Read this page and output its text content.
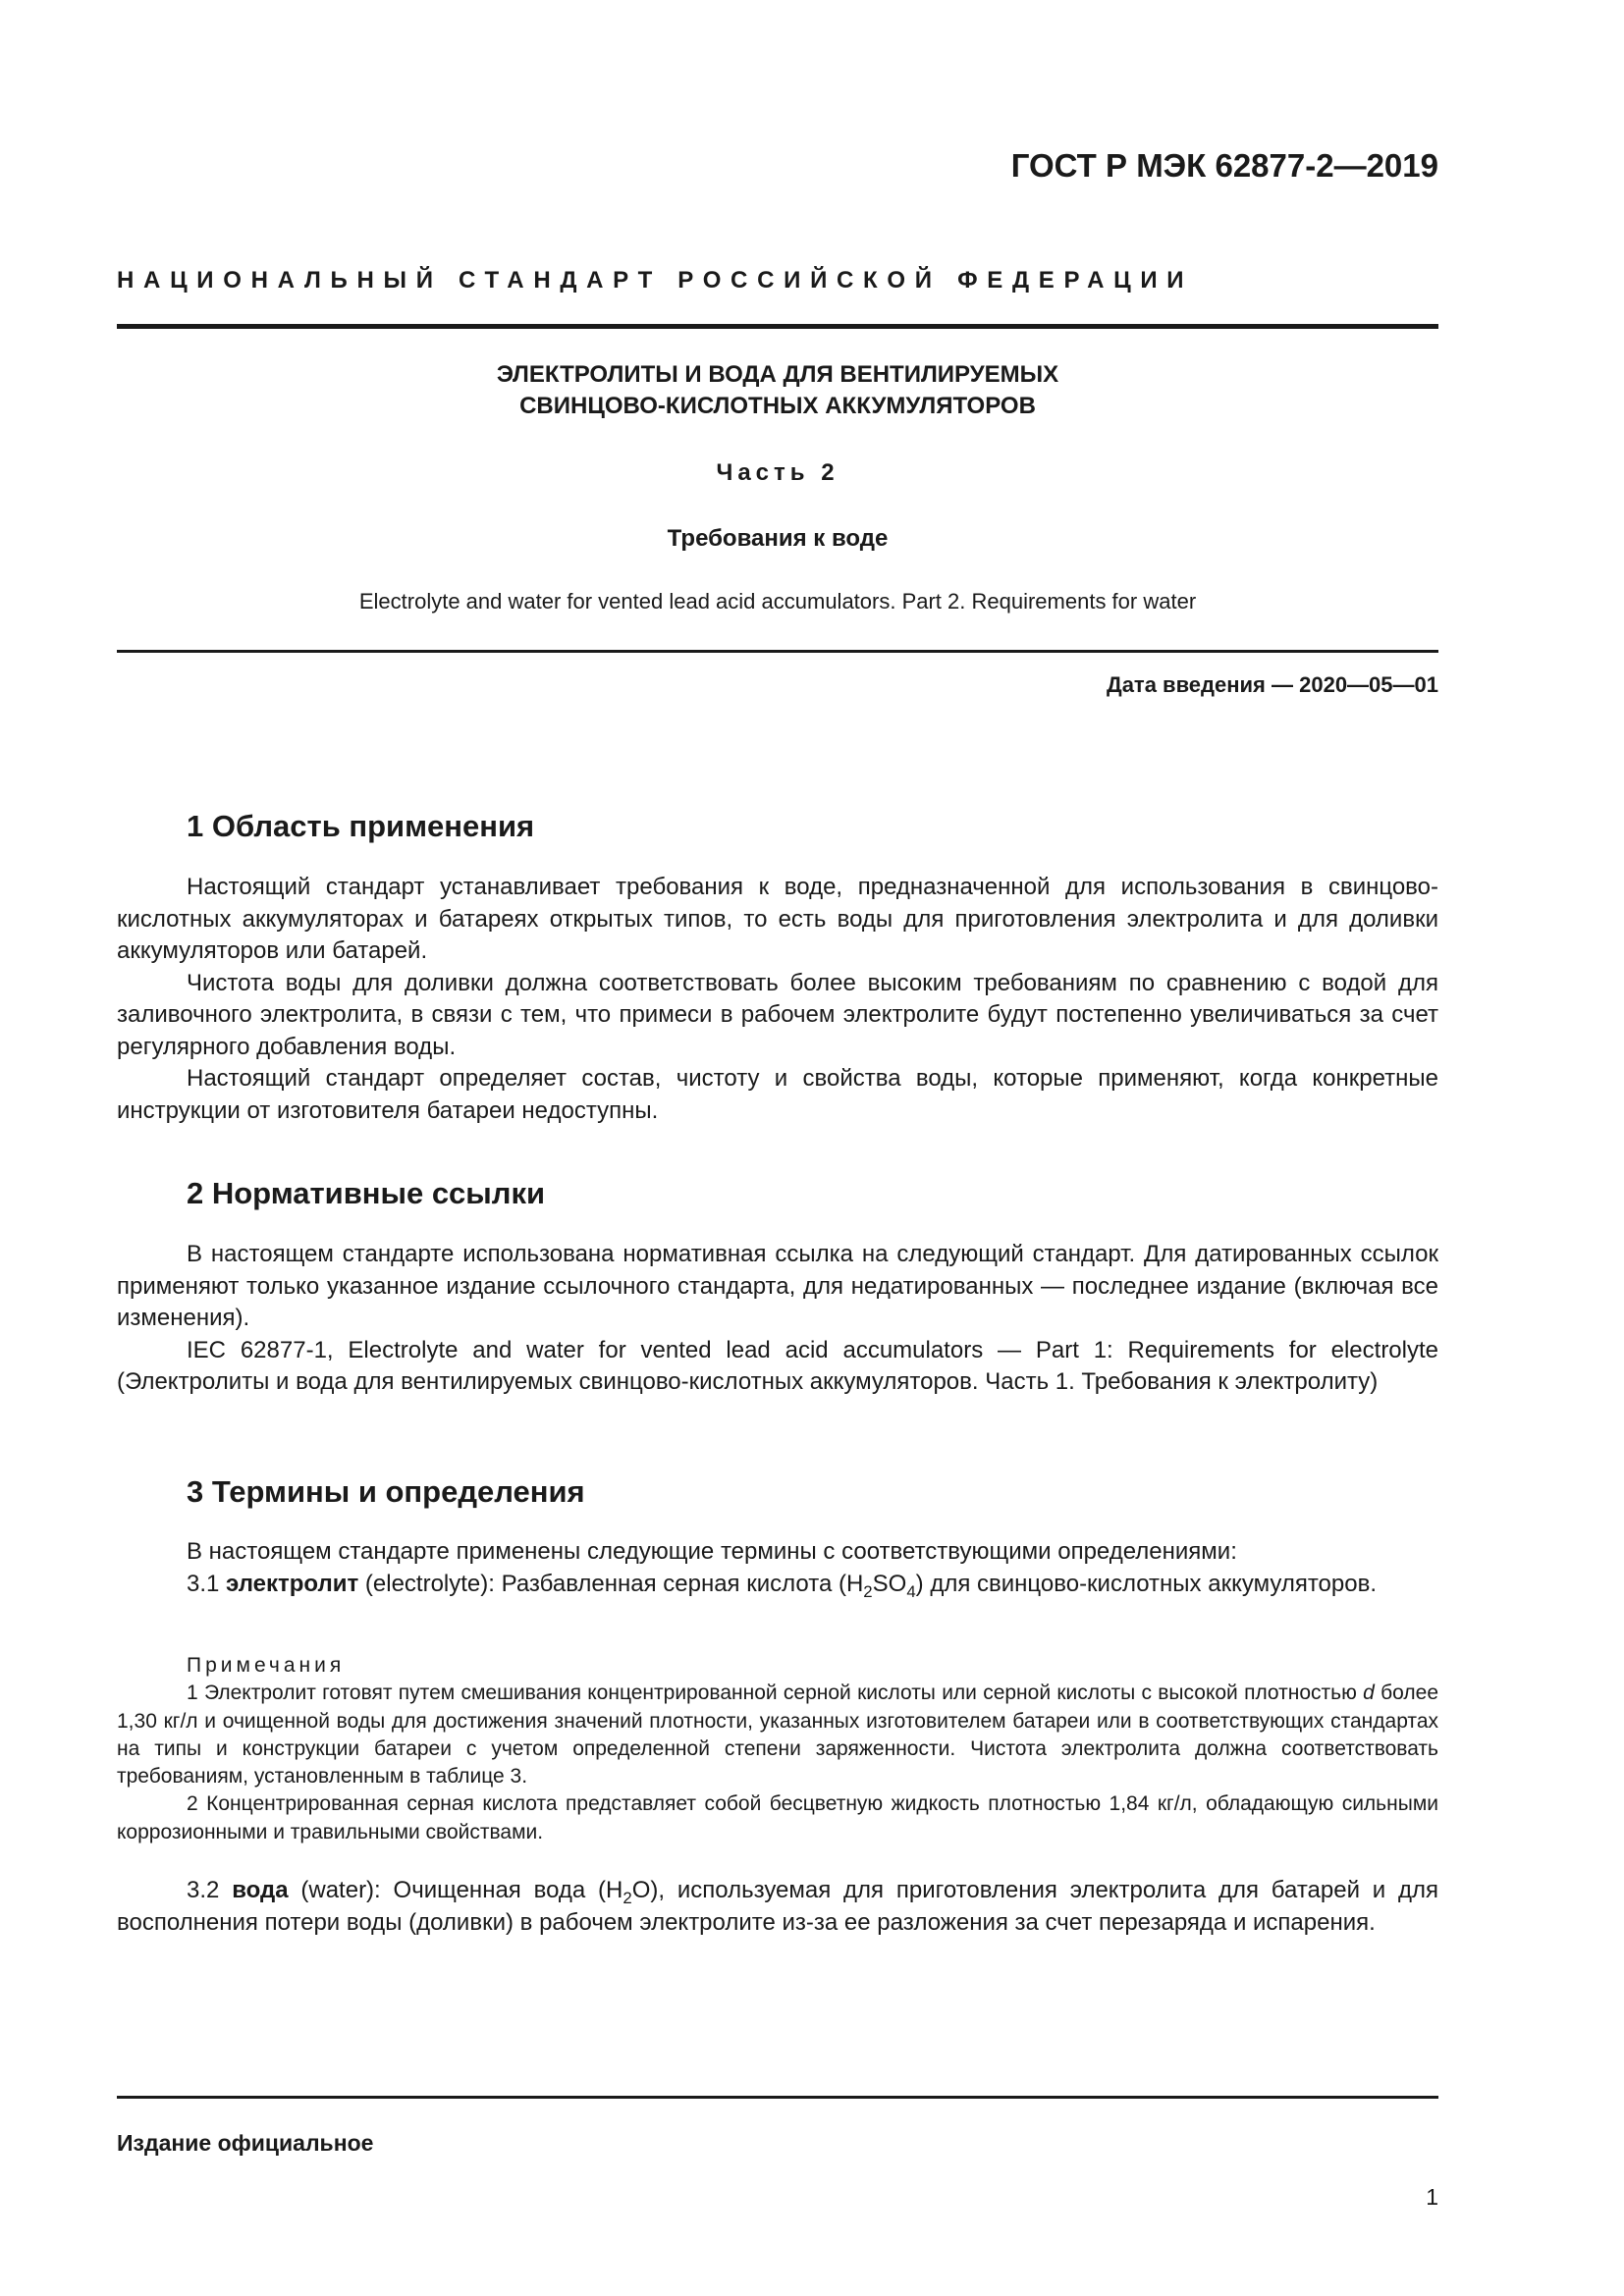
ГОСТ Р МЭК 62877-2—2019
НАЦИОНАЛЬНЫЙ СТАНДАРТ РОССИЙСКОЙ ФЕДЕРАЦИИ
ЭЛЕКТРОЛИТЫ И ВОДА ДЛЯ ВЕНТИЛИРУЕМЫХ
СВИНЦОВО-КИСЛОТНЫХ АККУМУЛЯТОРОВ
Часть 2
Требования к воде
Electrolyte and water for vented lead acid accumulators. Part 2. Requirements for water
Дата введения — 2020—05—01
1 Область применения

Настоящий стандарт устанавливает требования к воде, предназначенной для использования в свинцово-кислотных аккумуляторах и батареях открытых типов, то есть воды для приготовления электролита и для доливки аккумуляторов или батарей.

Чистота воды для доливки должна соответствовать более высоким требованиям по сравнению с водой для заливочного электролита, в связи с тем, что примеси в рабочем электролите будут постепенно увеличиваться за счет регулярного добавления воды.

Настоящий стандарт определяет состав, чистоту и свойства воды, которые применяют, когда конкретные инструкции от изготовителя батареи недоступны.

2 Нормативные ссылки

В настоящем стандарте использована нормативная ссылка на следующий стандарт. Для датированных ссылок применяют только указанное издание ссылочного стандарта, для недатированных — последнее издание (включая все изменения).

IEC 62877-1, Electrolyte and water for vented lead acid accumulators — Part 1: Requirements for electrolyte (Электролиты и вода для вентилируемых свинцово-кислотных аккумуляторов. Часть 1. Требования к электролиту)

3 Термины и определения

В настоящем стандарте применены следующие термины с соответствующими определениями:

3.1 электролит (electrolyte): Разбавленная серная кислота $(H_2SO_4)$ для свинцово-кислотных аккумуляторов.

Примечания

1 Электролит готовят путем смешивания концентрированной серной кислоты или серной кислоты с высокой плотностью d более 1,30 кг/л и очищенной воды для достижения значений плотности, указанных изготовителем батареи или в соответствующих стандартах на типы и конструкции батареи с учетом определенной степени заряженности. Чистота электролита должна соответствовать требованиям, установленным в таблице 3.

2 Концентрированная серная кислота представляет собой бесцветную жидкость плотностью 1,84 кг/л, обладающую сильными коррозионными и травильными свойствами.

3.2 вода (water): Очищенная вода $(H_2O)$, используемая для приготовления электролита для батарей и для восполнения потери воды (доливки) в рабочем электролите из-за ее разложения за счет перезаряда и испарения.

Издание официальное
1
